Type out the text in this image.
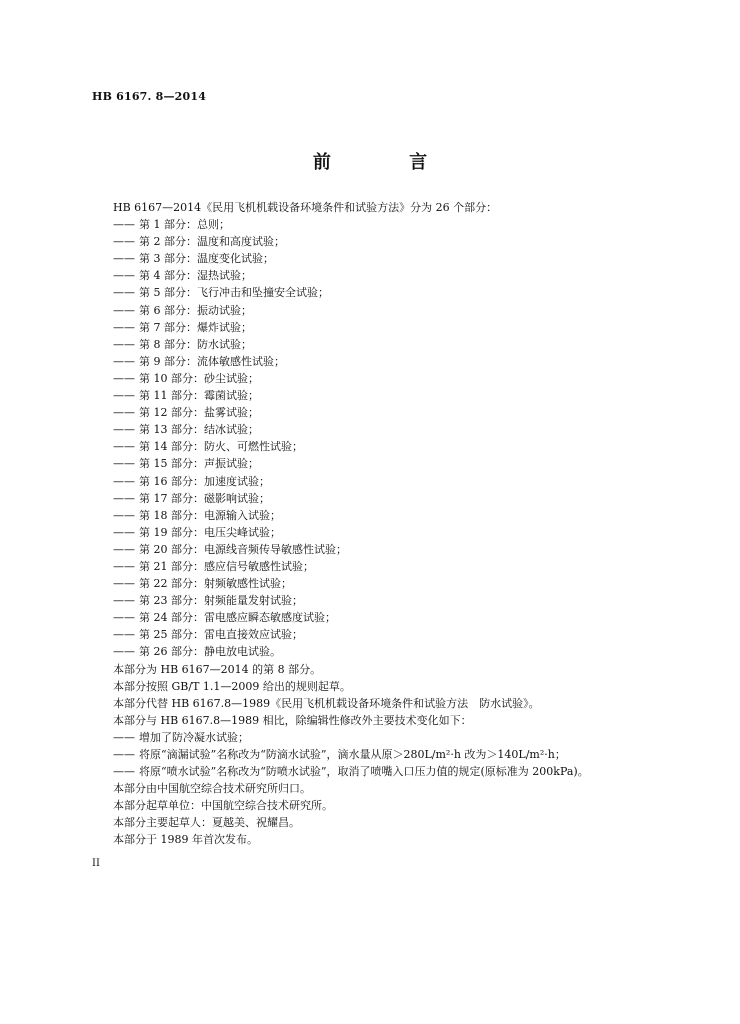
HB 6167. 8—2014
前 言
HB 6167—2014《民用飞机机载设备环境条件和试验方法》分为 26 个部分：
—— 第 1 部分：总则；
—— 第 2 部分：温度和高度试验；
—— 第 3 部分：温度变化试验；
—— 第 4 部分：湿热试验；
—— 第 5 部分：飞行冲击和坠撞安全试验；
—— 第 6 部分：振动试验；
—— 第 7 部分：爆炸试验；
—— 第 8 部分：防水试验；
—— 第 9 部分：流体敏感性试验；
—— 第 10 部分：砂尘试验；
—— 第 11 部分：霉菌试验；
—— 第 12 部分：盐雾试验；
—— 第 13 部分：结冰试验；
—— 第 14 部分：防火、可燃性试验；
—— 第 15 部分：声振试验；
—— 第 16 部分：加速度试验；
—— 第 17 部分：磁影响试验；
—— 第 18 部分：电源输入试验；
—— 第 19 部分：电压尖峰试验；
—— 第 20 部分：电源线音频传导敏感性试验；
—— 第 21 部分：感应信号敏感性试验；
—— 第 22 部分：射频敏感性试验；
—— 第 23 部分：射频能量发射试验；
—— 第 24 部分：雷电感应瞬态敏感度试验；
—— 第 25 部分：雷电直接效应试验；
—— 第 26 部分：静电放电试验。
本部分为 HB 6167—2014 的第 8 部分。
本部分按照 GB/T 1.1—2009 给出的规则起草。
本部分代替 HB 6167.8—1989《民用飞机机载设备环境条件和试验方法　防水试验》。
本部分与 HB 6167.8—1989 相比，除编辑性修改外主要技术变化如下：
—— 增加了防冷凝水试验；
—— 将原“滴漏试验”名称改为“防滴水试验”，滴水量从原＞280L/m²·h 改为＞140L/m²·h；
—— 将原“喷水试验”名称改为“防喷水试验”，取消了喷嘴入口压力值的规定(原标准为 200kPa)。
本部分由中国航空综合技术研究所归口。
本部分起草单位：中国航空综合技术研究所。
本部分主要起草人：夏越美、祝耀昌。
本部分于 1989 年首次发布。
II
